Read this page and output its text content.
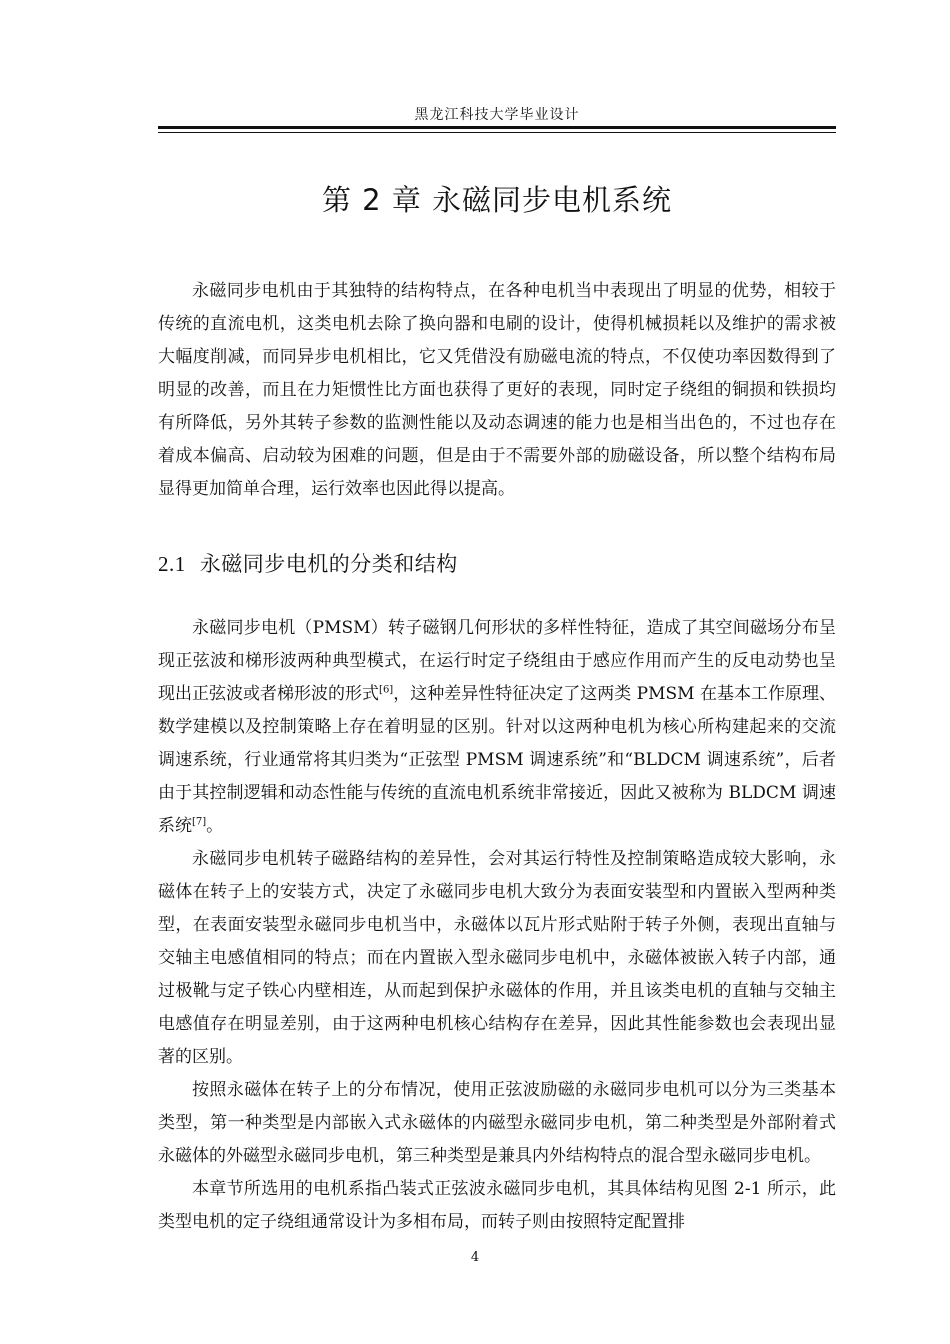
黑龙江科技大学毕业设计
第 2 章 永磁同步电机系统

永磁同步电机由于其独特的结构特点，在各种电机当中表现出了明显的优势，相较于传统的直流电机，这类电机去除了换向器和电刷的设计，使得机械损耗以及维护的需求被大幅度削减，而同异步电机相比，它又凭借没有励磁电流的特点，不仅使功率因数得到了明显的改善，而且在力矩惯性比方面也获得了更好的表现，同时定子绕组的铜损和铁损均有所降低，另外其转子参数的监测性能以及动态调速的能力也是相当出色的，不过也存在着成本偏高、启动较为困难的问题，但是由于不需要外部的励磁设备，所以整个结构布局显得更加简单合理，运行效率也因此得以提高。

2.1 永磁同步电机的分类和结构

永磁同步电机（PMSM）转子磁钢几何形状的多样性特征，造成了其空间磁场分布呈现正弦波和梯形波两种典型模式，在运行时定子绕组由于感应作用而产生的反电动势也呈现出正弦波或者梯形波的形式[6]，这种差异性特征决定了这两类 PMSM 在基本工作原理、数学建模以及控制策略上存在着明显的区别。针对以这两种电机为核心所构建起来的交流调速系统，行业通常将其归类为“正弦型 PMSM 调速系统”和“BLDCM 调速系统”，后者由于其控制逻辑和动态性能与传统的直流电机系统非常接近，因此又被称为 BLDCM 调速系统[7]。

永磁同步电机转子磁路结构的差异性，会对其运行特性及控制策略造成较大影响，永磁体在转子上的安装方式，决定了永磁同步电机大致分为表面安装型和内置嵌入型两种类型，在表面安装型永磁同步电机当中，永磁体以瓦片形式贴附于转子外侧，表现出直轴与交轴主电感值相同的特点；而在内置嵌入型永磁同步电机中，永磁体被嵌入转子内部，通过极靴与定子铁心内壁相连，从而起到保护永磁体的作用，并且该类电机的直轴与交轴主电感值存在明显差别，由于这两种电机核心结构存在差异，因此其性能参数也会表现出显著的区别。

按照永磁体在转子上的分布情况，使用正弦波励磁的永磁同步电机可以分为三类基本类型，第一种类型是内部嵌入式永磁体的内磁型永磁同步电机，第二种类型是外部附着式永磁体的外磁型永磁同步电机，第三种类型是兼具内外结构特点的混合型永磁同步电机。

本章节所选用的电机系指凸装式正弦波永磁同步电机，其具体结构见图 2-1 所示，此类型电机的定子绕组通常设计为多相布局，而转子则由按照特定配置排

4
